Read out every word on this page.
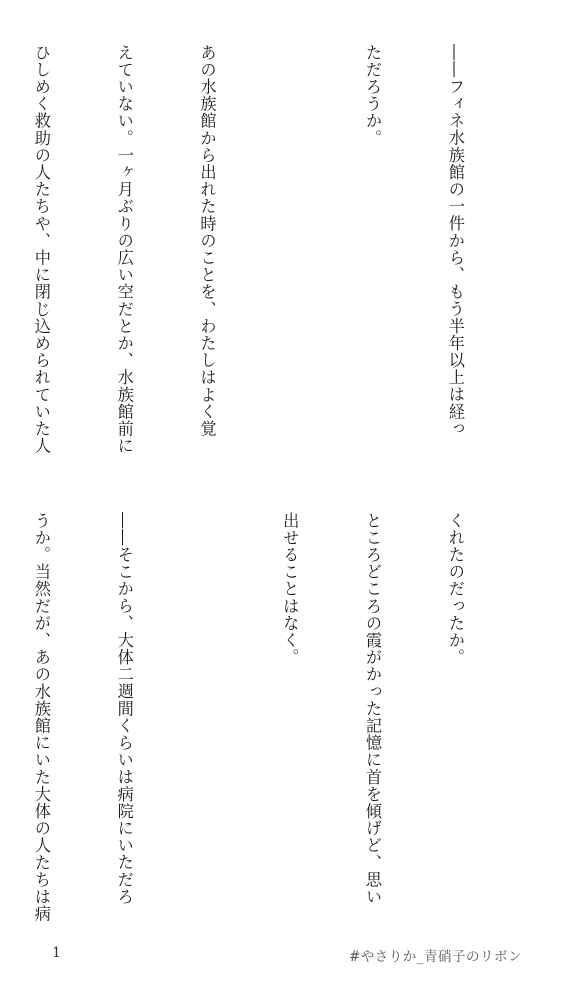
――フィネ水族館の一件から、もう半年以上は経っ

ただろうか。

あの水族館から出れた時のことを、わたしはよく覚

えていない。一ヶ月ぶりの広い空だとか、水族館前に

ひしめく救助の人たちや、中に閉じ込められていた人

くれたのだったか。

ところどころの霞がかった記憶に首を傾げど、思い

出せることはなく。

――そこから、大体二週間くらいは病院にいただろ

うか。当然だが、あの水族館にいた大体の人たちは病

1	#やさりか_青硝子のリボン
